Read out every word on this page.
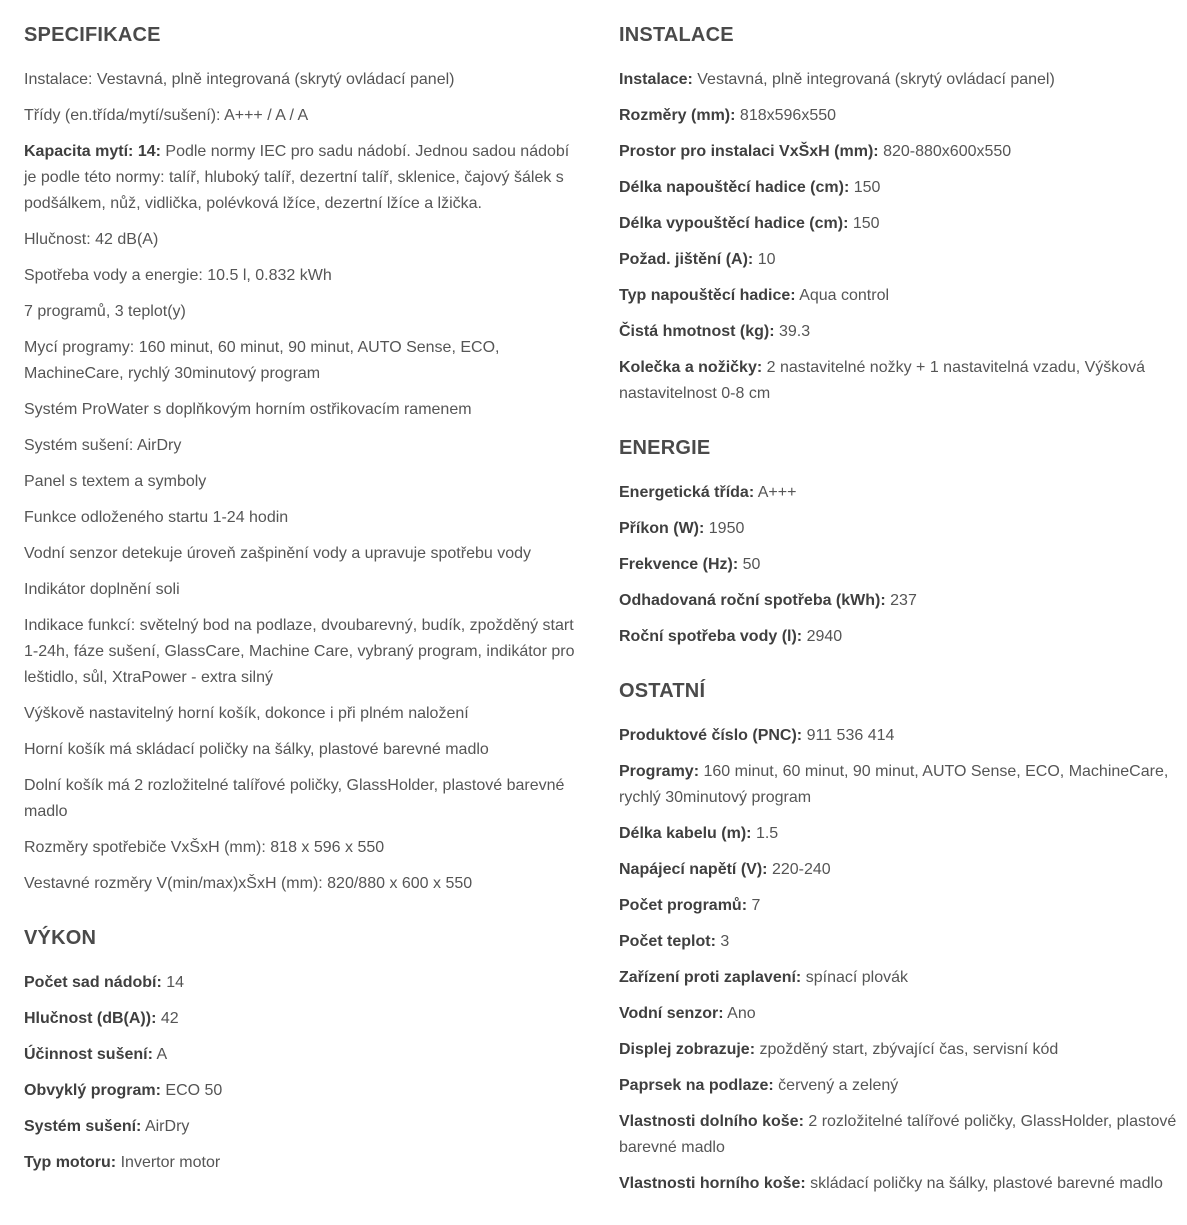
SPECIFIKACE

Instalace: Vestavná, plně integrovaná (skrytý ovládací panel)

Třídy (en.třída/mytí/sušení): A+++ / A / A

Kapacita mytí: 14: Podle normy IEC pro sadu nádobí. Jednou sadou nádobí je podle této normy: talíř, hluboký talíř, dezertní talíř, sklenice, čajový šálek s podšálkem, nůž, vidlička, polévková lžíce, dezertní lžíce a lžička.

Hlučnost: 42 dB(A)

Spotřeba vody a energie: 10.5 l, 0.832 kWh

7 programů, 3 teplot(y)

Mycí programy: 160 minut, 60 minut, 90 minut, AUTO Sense, ECO, MachineCare, rychlý 30minutový program

Systém ProWater s doplňkovým horním ostřikovacím ramenem

Systém sušení: AirDry

Panel s textem a symboly

Funkce odloženého startu 1-24 hodin

Vodní senzor detekuje úroveň zašpinění vody a upravuje spotřebu vody

Indikátor doplnění soli

Indikace funkcí: světelný bod na podlaze, dvoubarevný, budík, zpožděný start 1-24h, fáze sušení, GlassCare, Machine Care, vybraný program, indikátor pro leštidlo, sůl, XtraPower - extra silný

Výškově nastavitelný horní košík, dokonce i při plném naložení

Horní košík má skládací poličky na šálky, plastové barevné madlo

Dolní košík má 2 rozložitelné talířové poličky, GlassHolder, plastové barevné madlo

Rozměry spotřebiče VxŠxH (mm): 818 x 596 x 550

Vestavné rozměry V(min/max)xŠxH (mm): 820/880 x 600 x 550

VÝKON

Počet sad nádobí: 14

Hlučnost (dB(A)): 42

Účinnost sušení: A

Obvyklý program: ECO 50

Systém sušení: AirDry

Typ motoru: Invertor motor

INSTALACE

Instalace: Vestavná, plně integrovaná (skrytý ovládací panel)

Rozměry (mm): 818x596x550

Prostor pro instalaci VxŠxH (mm): 820-880x600x550

Délka napouštěcí hadice (cm): 150

Délka vypouštěcí hadice (cm): 150

Požad. jištění (A): 10

Typ napouštěcí hadice: Aqua control

Čistá hmotnost (kg): 39.3

Kolečka a nožičky: 2 nastavitelné nožky + 1 nastavitelná vzadu, Výšková nastavitelnost 0-8 cm

ENERGIE

Energetická třída: A+++

Příkon (W): 1950

Frekvence (Hz): 50

Odhadovaná roční spotřeba (kWh): 237

Roční spotřeba vody (l): 2940

OSTATNÍ

Produktové číslo (PNC): 911 536 414

Programy: 160 minut, 60 minut, 90 minut, AUTO Sense, ECO, MachineCare, rychlý 30minutový program

Délka kabelu (m): 1.5

Napájecí napětí (V): 220-240

Počet programů: 7

Počet teplot: 3

Zařízení proti zaplavení: spínací plovák

Vodní senzor: Ano

Displej zobrazuje: zpožděný start, zbývající čas, servisní kód

Paprsek na podlaze: červený a zelený

Vlastnosti dolního koše: 2 rozložitelné talířové poličky, GlassHolder, plastové barevné madlo

Vlastnosti horního koše: skládací poličky na šálky, plastové barevné madlo
